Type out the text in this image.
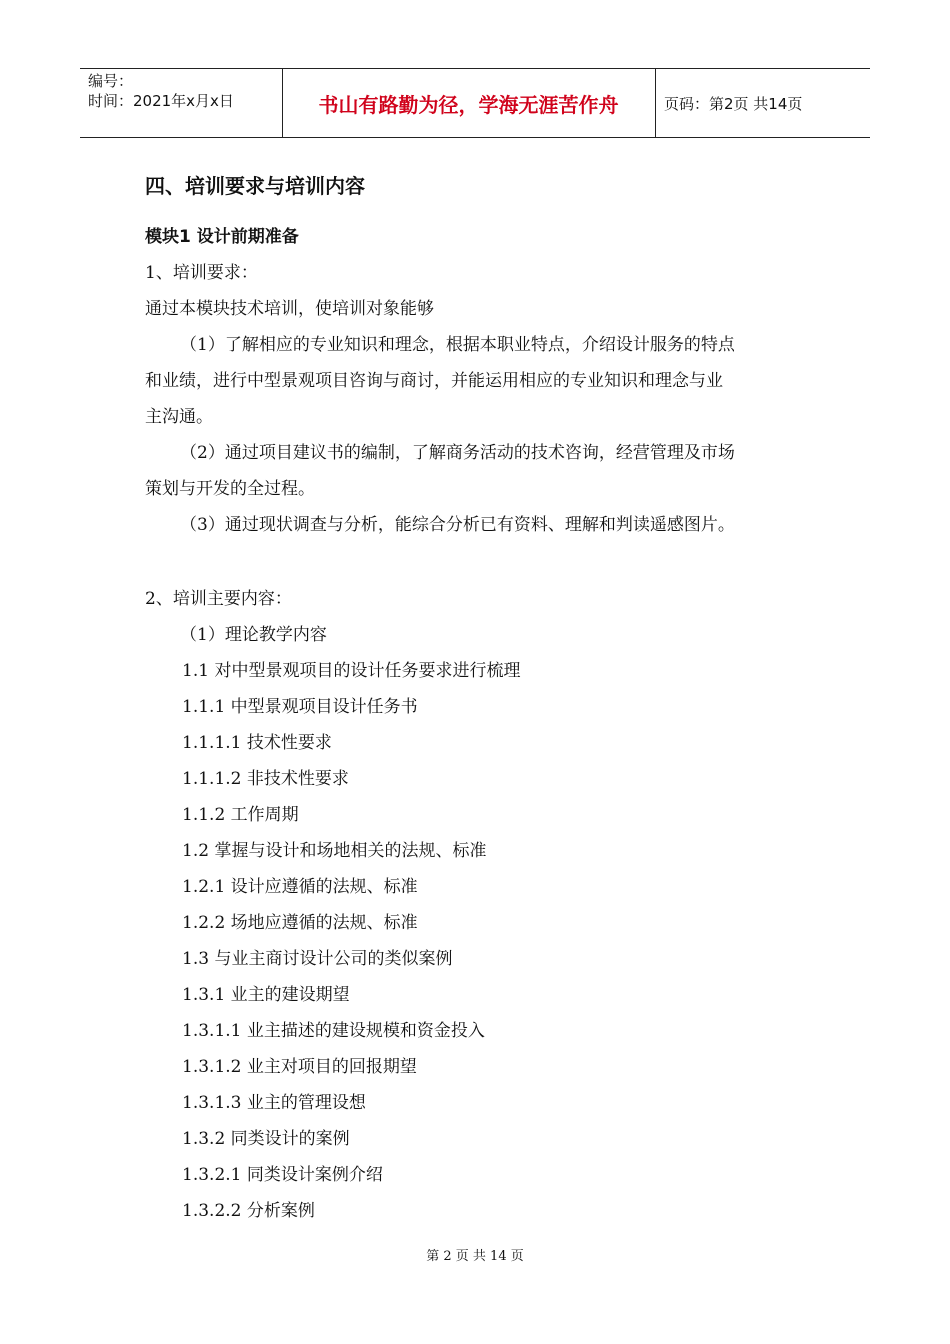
编号：
时间：2021年x月x日	书山有路勤为径，学海无涯苦作舟	页码：第2页 共14页
四、培训要求与培训内容
模块1 设计前期准备
1、培训要求：
通过本模块技术培训，使培训对象能够
（1）了解相应的专业知识和理念，根据本职业特点，介绍设计服务的特点
和业绩，进行中型景观项目咨询与商讨，并能运用相应的专业知识和理念与业
主沟通。
（2）通过项目建议书的编制，了解商务活动的技术咨询，经营管理及市场
策划与开发的全过程。
（3）通过现状调查与分析，能综合分析已有资料、理解和判读遥感图片。
2、培训主要内容：
（1）理论教学内容
1.1 对中型景观项目的设计任务要求进行梳理
1.1.1 中型景观项目设计任务书
1.1.1.1 技术性要求
1.1.1.2 非技术性要求
1.1.2 工作周期
1.2 掌握与设计和场地相关的法规、标准
1.2.1 设计应遵循的法规、标准
1.2.2 场地应遵循的法规、标准
1.3 与业主商讨设计公司的类似案例
1.3.1 业主的建设期望
1.3.1.1 业主描述的建设规模和资金投入
1.3.1.2 业主对项目的回报期望
1.3.1.3 业主的管理设想
1.3.2 同类设计的案例
1.3.2.1 同类设计案例介绍
1.3.2.2 分析案例
第 2 页 共 14 页
